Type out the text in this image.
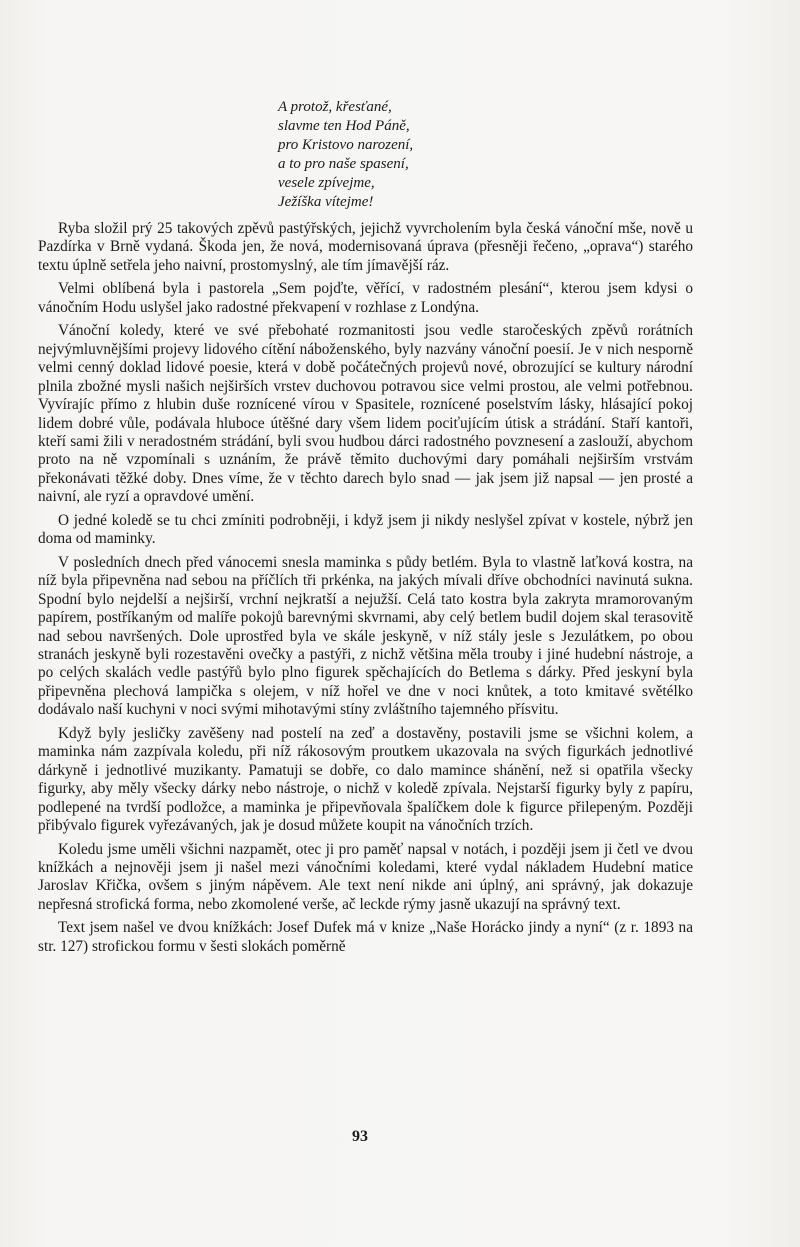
A protož, křesťané,
slavme ten Hod Páně,
pro Kristovo narození,
a to pro naše spasení,
vesele zpívejme,
Ježíška vítejme!

Ryba složil prý 25 takových zpěvů pastýřských, jejichž vyvrcholením byla česká vánoční mše, nově u Pazdírka v Brně vydaná. Škoda jen, že nová, modernisovaná úprava (přesněji řečeno, „oprava“) starého textu úplně setřela jeho naivní, prostomyslný, ale tím jímavější ráz.

Velmi oblíbená byla i pastorela „Sem pojďte, věřící, v radostném plesání“, kterou jsem kdysi o vánočním Hodu uslyšel jako radostné překvapení v rozhlase z Londýna.

Vánoční koledy, které ve své přebohaté rozmanitosti jsou vedle staročeských zpěvů rorátních nejvýmluvnějšími projevy lidového cítění náboženského, byly nazvány vánoční poesií. Je v nich nesporně velmi cenný doklad lidové poesie, která v době počátečných projevů nové, obrozující se kultury národní plnila zbožné mysli našich nejširších vrstev duchovou potravou sice velmi prostou, ale velmi potřebnou. Vyvírajíc přímo z hlubin duše roznícené vírou v Spasitele, roznícené poselstvím lásky, hlásající pokoj lidem dobré vůle, podávala hluboce útěšné dary všem lidem pociťujícím útisk a strádání. Staří kantoři, kteří sami žili v neradostném strádání, byli svou hudbou dárci radostného povznesení a zaslouží, abychom proto na ně vzpomínali s uznáním, že právě těmito duchovými dary pomáhali nejširším vrstvám překonávati těžké doby. Dnes víme, že v těchto darech bylo snad — jak jsem již napsal — jen prosté a naivní, ale ryzí a opravdové umění.

O jedné koledě se tu chci zmíniti podrobněji, i když jsem ji nikdy neslyšel zpívat v kostele, nýbrž jen doma od maminky.

V posledních dnech před vánocemi snesla maminka s půdy betlém. Byla to vlastně laťková kostra, na níž byla připevněna nad sebou na příčlích tři prkénka, na jakých mívali dříve obchodníci navinutá sukna. Spodní bylo nejdelší a nejširší, vrchní nejkratší a nejužší. Celá tato kostra byla zakryta mramorovaným papírem, postříkaným od malíře pokojů barevnými skvrnami, aby celý betlem budil dojem skal terasovitě nad sebou navršených. Dole uprostřed byla ve skále jeskyně, v níž stály jesle s Jezulátkem, po obou stranách jeskyně byli rozestavěni ovečky a pastýři, z nichž většina měla trouby i jiné hudební nástroje, a po celých skalách vedle pastýřů bylo plno figurek spěchajících do Betlema s dárky. Před jeskyní byla připevněna plechová lampička s olejem, v níž hořel ve dne v noci knůtek, a toto kmitavé světélko dodávalo naší kuchyni v noci svými mihotavými stíny zvláštního tajemného přísvitu.

Když byly jesličky zavěšeny nad postelí na zeď a dostavěny, postavili jsme se všichni kolem, a maminka nám zazpívala koledu, při níž rákosovým proutkem ukazovala na svých figurkách jednotlivé dárkyně i jednotlivé muzikanty. Pamatuji se dobře, co dalo mamince shánění, než si opatřila všecky figurky, aby měly všecky dárky nebo nástroje, o nichž v koledě zpívala. Nejstarší figurky byly z papíru, podlepené na tvrdší podložce, a maminka je připevňovala špalíčkem dole k figurce přilepeným. Později přibývalo figurek vyřezávaných, jak je dosud můžete koupit na vánočních trzích.

Koledu jsme uměli všichni nazpamět, otec ji pro paměť napsal v notách, i později jsem ji četl ve dvou knížkách a nejnověji jsem ji našel mezi vánočními koledami, které vydal nákladem Hudební matice Jaroslav Křička, ovšem s jiným nápěvem. Ale text není nikde ani úplný, ani správný, jak dokazuje nepřesná strofická forma, nebo zkomolené verše, ač leckde rýmy jasně ukazují na správný text.

Text jsem našel ve dvou knížkách: Josef Dufek má v knize „Naše Horácko jindy a nyní“ (z r. 1893 na str. 127) strofickou formu v šesti slokách poměrně

93
